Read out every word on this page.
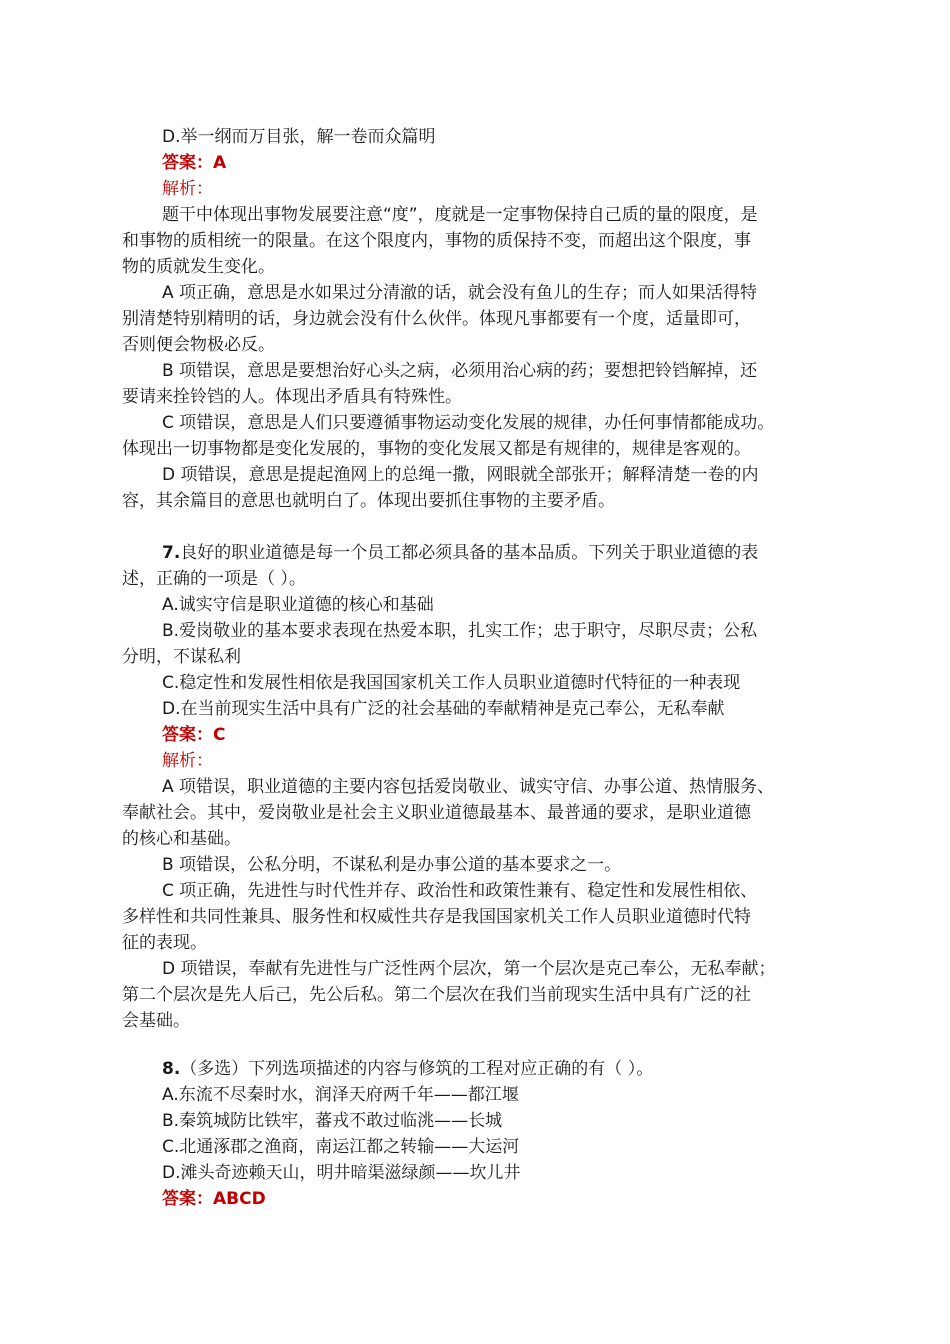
D.举一纲而万目张，解一卷而众篇明
答案：A
解析：
题干中体现出事物发展要注意“度”，度就是一定事物保持自己质的量的限度，是
和事物的质相统一的限量。在这个限度内，事物的质保持不变，而超出这个限度，事
物的质就发生变化。
A 项正确，意思是水如果过分清澈的话，就会没有鱼儿的生存；而人如果活得特
别清楚特别精明的话，身边就会没有什么伙伴。体现凡事都要有一个度，适量即可，
否则便会物极必反。
B 项错误，意思是要想治好心头之病，必须用治心病的药；要想把铃铛解掉，还
要请来拴铃铛的人。体现出矛盾具有特殊性。
C 项错误，意思是人们只要遵循事物运动变化发展的规律，办任何事情都能成功。
体现出一切事物都是变化发展的，事物的变化发展又都是有规律的，规律是客观的。
D 项错误，意思是提起渔网上的总绳一撒，网眼就全部张开；解释清楚一卷的内
容，其余篇目的意思也就明白了。体现出要抓住事物的主要矛盾。
7.良好的职业道德是每一个员工都必须具备的基本品质。下列关于职业道德的表
述，正确的一项是（ ）。
A.诚实守信是职业道德的核心和基础
B.爱岗敬业的基本要求表现在热爱本职，扎实工作；忠于职守，尽职尽责；公私
分明，不谋私利
C.稳定性和发展性相依是我国国家机关工作人员职业道德时代特征的一种表现
D.在当前现实生活中具有广泛的社会基础的奉献精神是克己奉公，无私奉献
答案：C
解析：
A 项错误，职业道德的主要内容包括爱岗敬业、诚实守信、办事公道、热情服务、
奉献社会。其中，爱岗敬业是社会主义职业道德最基本、最普通的要求，是职业道德
的核心和基础。
B 项错误，公私分明，不谋私利是办事公道的基本要求之一。
C 项正确，先进性与时代性并存、政治性和政策性兼有、稳定性和发展性相依、
多样性和共同性兼具、服务性和权威性共存是我国国家机关工作人员职业道德时代特
征的表现。
D 项错误，奉献有先进性与广泛性两个层次，第一个层次是克己奉公，无私奉献；
第二个层次是先人后己，先公后私。第二个层次在我们当前现实生活中具有广泛的社
会基础。
8.（多选）下列选项描述的内容与修筑的工程对应正确的有（ ）。
A.东流不尽秦时水，润泽天府两千年——都江堰
B.秦筑城防比铁牢，蕃戎不敢过临洮——长城
C.北通涿郡之渔商，南运江都之转输——大运河
D.滩头奇迹赖天山，明井暗渠滋绿颜——坎儿井
答案：ABCD
